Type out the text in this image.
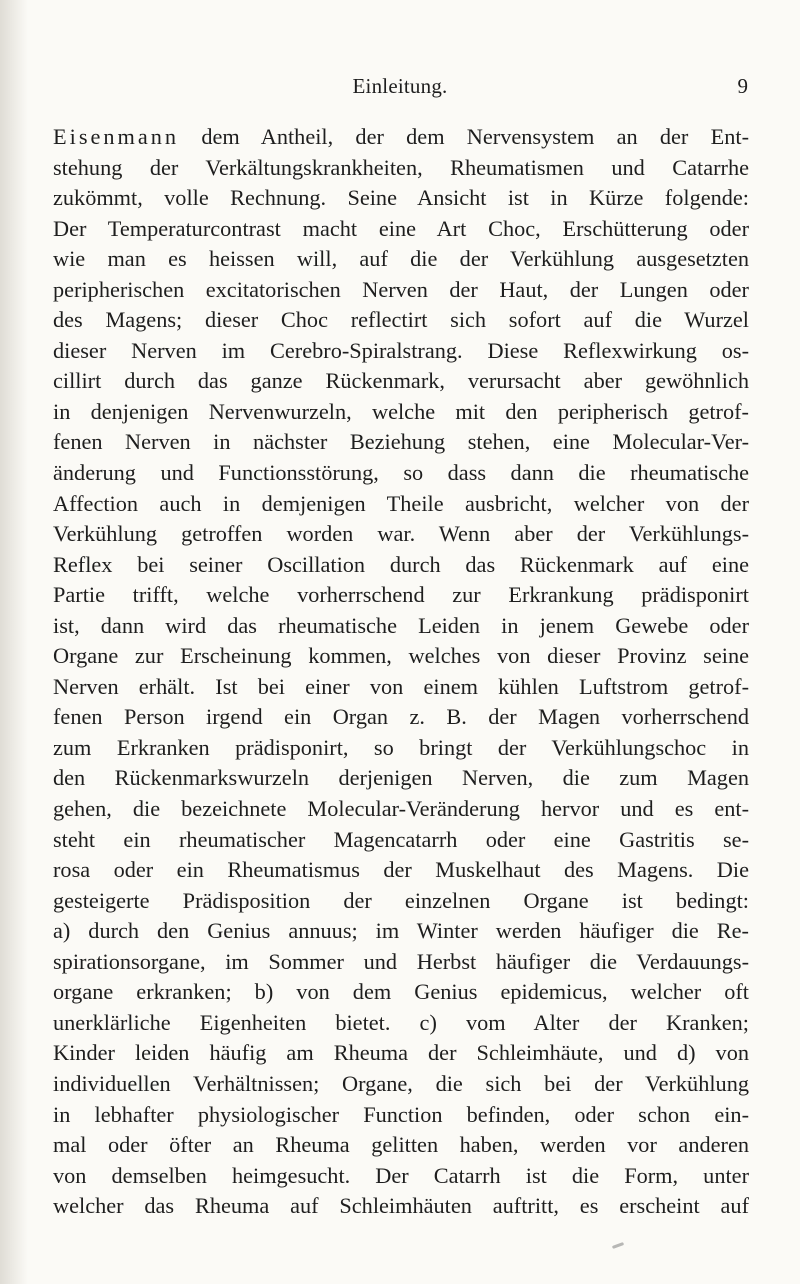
Einleitung.	9
Eisenmann dem Antheil, der dem Nervensystem an der Ent-
stehung der Verkältungskrankheiten, Rheumatismen und Catarrhe
zukömmt, volle Rechnung. Seine Ansicht ist in Kürze folgende:
Der Temperaturcontrast macht eine Art Choc, Erschütterung oder
wie man es heissen will, auf die der Verkühlung ausgesetzten
peripherischen excitatorischen Nerven der Haut, der Lungen oder
des Magens; dieser Choc reflectirt sich sofort auf die Wurzel
dieser Nerven im Cerebro-Spiralstrang. Diese Reflexwirkung os-
cillirt durch das ganze Rückenmark, verursacht aber gewöhnlich
in denjenigen Nervenwurzeln, welche mit den peripherisch getrof-
fenen Nerven in nächster Beziehung stehen, eine Molecular-Ver-
änderung und Functionsstörung, so dass dann die rheumatische
Affection auch in demjenigen Theile ausbricht, welcher von der
Verkühlung getroffen worden war. Wenn aber der Verkühlungs-
Reflex bei seiner Oscillation durch das Rückenmark auf eine
Partie trifft, welche vorherrschend zur Erkrankung prädisponirt
ist, dann wird das rheumatische Leiden in jenem Gewebe oder
Organe zur Erscheinung kommen, welches von dieser Provinz seine
Nerven erhält. Ist bei einer von einem kühlen Luftstrom getrof-
fenen Person irgend ein Organ z. B. der Magen vorherrschend
zum Erkranken prädisponirt, so bringt der Verkühlungschoc in
den Rückenmarkswurzeln derjenigen Nerven, die zum Magen
gehen, die bezeichnete Molecular-Veränderung hervor und es ent-
steht ein rheumatischer Magencatarrh oder eine Gastritis se-
rosa oder ein Rheumatismus der Muskelhaut des Magens. Die
gesteigerte Prädisposition der einzelnen Organe ist bedingt:
a) durch den Genius annuus; im Winter werden häufiger die Re-
spirationsorgane, im Sommer und Herbst häufiger die Verdauungs-
organe erkranken; b) von dem Genius epidemicus, welcher oft
unerklärliche Eigenheiten bietet. c) vom Alter der Kranken;
Kinder leiden häufig am Rheuma der Schleimhäute, und d) von
individuellen Verhältnissen; Organe, die sich bei der Verkühlung
in lebhafter physiologischer Function befinden, oder schon ein-
mal oder öfter an Rheuma gelitten haben, werden vor anderen
von demselben heimgesucht. Der Catarrh ist die Form, unter
welcher das Rheuma auf Schleimhäuten auftritt, es erscheint auf
